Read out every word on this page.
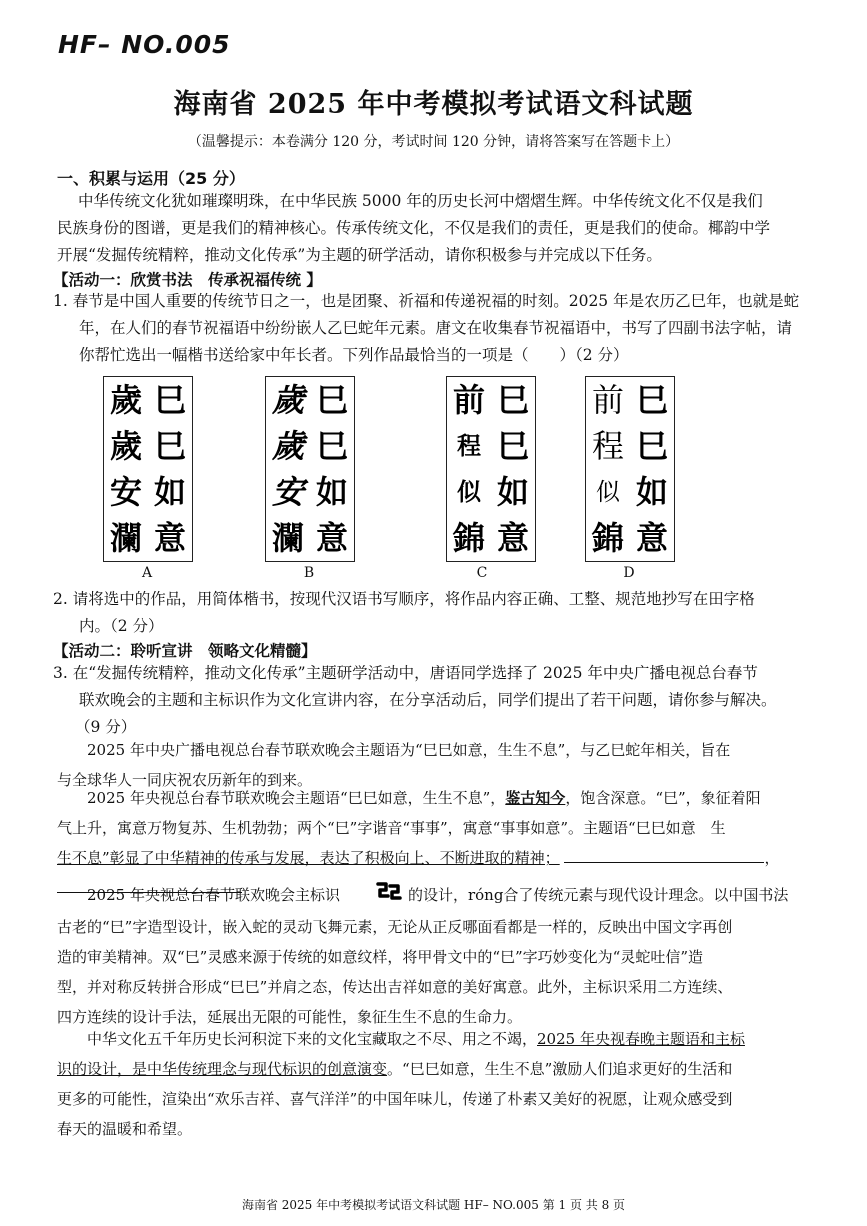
HF– NO.005
海南省 2025 年中考模拟考试语文科试题
（温馨提示：本卷满分 120 分，考试时间 120 分钟，请将答案写在答题卡上）
一、积累与运用（25 分）
中华传统文化犹如璀璨明珠，在中华民族 5000 年的历史长河中熠熠生辉。中华传统文化不仅是我们
民族身份的图谱，更是我们的精神核心。传承传统文化，不仅是我们的责任，更是我们的使命。椰韵中学
开展“发掘传统精粹，推动文化传承”为主题的研学活动，请你积极参与并完成以下任务。
【活动一：欣赏书法　传承祝福传统 】
1. 春节是中国人重要的传统节日之一，也是团聚、祈福和传递祝福的时刻。2025 年是农历乙巳年，也就是蛇
年，在人们的春节祝福语中纷纷嵌人乙巳蛇年元素。唐文在收集春节祝福语中，书写了四副书法字帖，请
你帮忙选出一幅楷书送给家中年长者。下列作品最恰当的一项是（　　）（2 分）
歲 巳
歲 巳
安 如
瀾 意
A
歲 巳
歲 巳
安 如
瀾 意
B
前 巳
程 巳
似 如
錦 意
C
前 巳
程 巳
似 如
錦 意
D
2. 请将选中的作品，用简体楷书，按现代汉语书写顺序，将作品内容正确、工整、规范地抄写在田字格
内。（2 分）
【活动二：聆听宣讲　领略文化精髓】
3. 在“发掘传统精粹，推动文化传承”主题研学活动中，唐语同学选择了 2025 年中央广播电视总台春节
联欢晚会的主题和主标识作为文化宣讲内容，在分享活动后，同学们提出了若干问题，请你参与解决。
（9 分）
2025 年中央广播电视总台春节联欢晚会主题语为“巳巳如意，生生不息”，与乙巳蛇年相关，旨在
与全球华人一同庆祝农历新年的到来。
2025 年央视总台春节联欢晚会主题语“巳巳如意，生生不息”，鉴古知今，饱含深意。“巳”，象征着阳
气上升，寓意万物复苏、生机勃勃；两个“巳”字谐音“事事”，寓意“事事如意”。主题语“巳巳如意　生
生不息”彰显了中华精神的传承与发展，表达了积极向上、不断进取的精神；	，
2025 年央视总台春节联欢晚会主标识	的设计，róng合了传统元素与现代设计理念。以中国书法
古老的“巳”字造型设计，嵌入蛇的灵动飞舞元素，无论从正反哪面看都是一样的，反映出中国文字再创
造的审美精神。双“巳”灵感来源于传统的如意纹样，将甲骨文中的“巳”字巧妙变化为“灵蛇吐信”造
型，并对称反转拼合形成“巳巳”并肩之态，传达出吉祥如意的美好寓意。此外，主标识采用二方连续、
四方连续的设计手法，延展出无限的可能性，象征生生不息的生命力。
中华文化五千年历史长河积淀下来的文化宝藏取之不尽、用之不竭，2025 年央视春晚主题语和主标
识的设计，是中华传统理念与现代标识的创意演变。“巳巳如意，生生不息”激励人们追求更好的生活和
更多的可能性，渲染出“欢乐吉祥、喜气洋洋”的中国年味儿，传递了朴素又美好的祝愿，让观众感受到
春天的温暖和希望。
海南省 2025 年中考模拟考试语文科试题 HF– NO.005 第 1 页 共 8 页
